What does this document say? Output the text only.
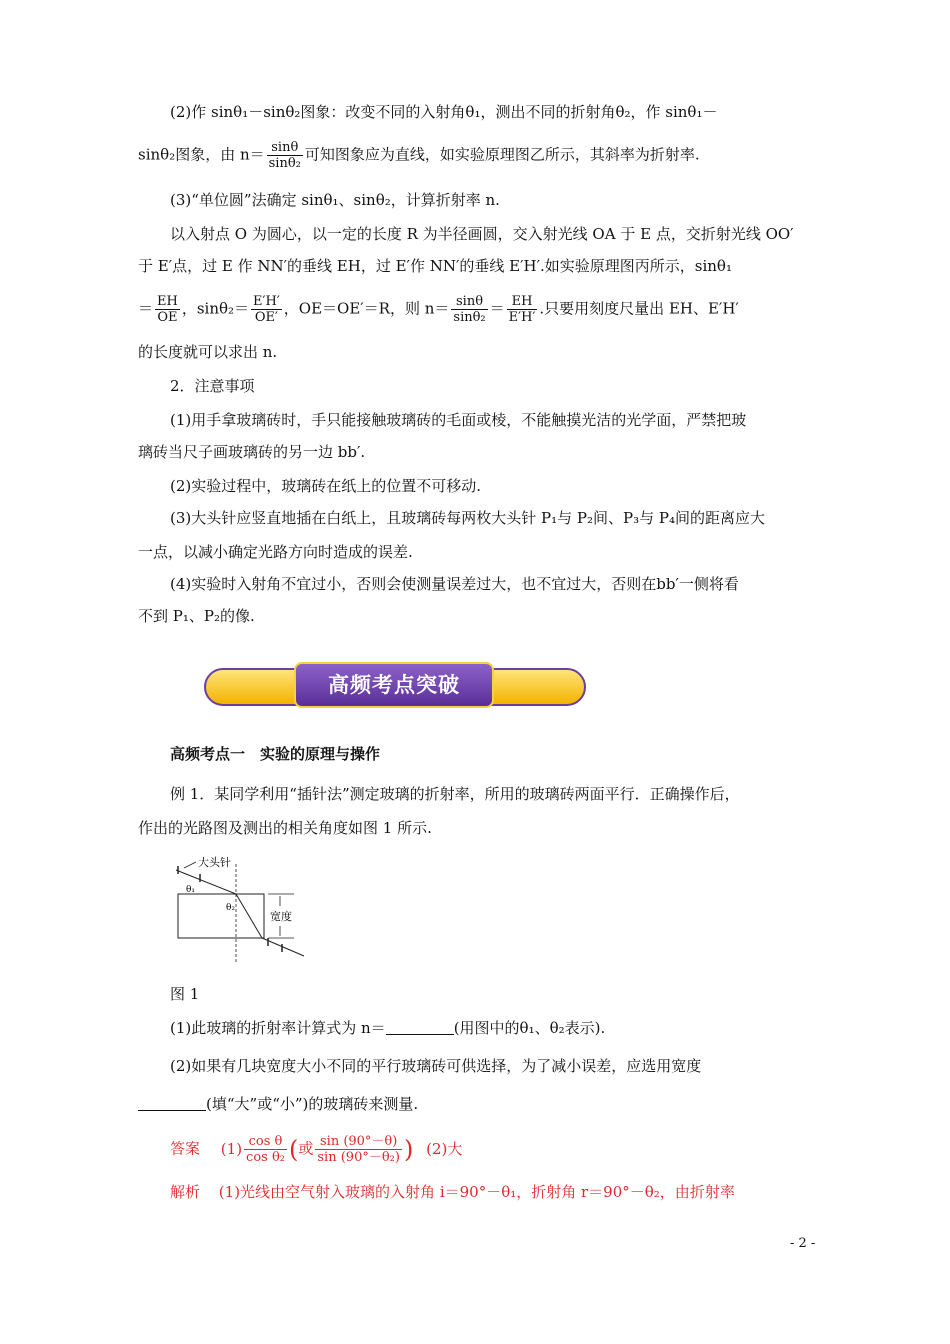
(2)作 sinθ₁－sinθ₂图象：改变不同的入射角θ₁，测出不同的折射角θ₂，作 sinθ₁－
sinθ₂图象，由 $n= \frac{\sin\theta}{\text{sinθ₂}}$ 可知图象应为直线，如实验原理图乙所示，其斜率为折射率.
(3)“单位圆”法确定 sinθ₁、sinθ₂，计算折射率 n.
以入射点 O 为圆心，以一定的长度 R 为半径画圆，交入射光线 OA 于 E 点，交折射光线 OO′
于 E′点，过 E 作 NN′的垂线 EH，过 E′作 NN′的垂线 E′H′.如实验原理图丙所示，sinθ₁
＝ $\frac{EH}{OE}$ ，$\sin\theta_2= \frac{E'H'}{OE'}$ ，OE＝OE′＝R，则 $n= \frac{\sin\theta}{\text{sinθ₂}} = \frac{EH}{E'H'}$ .只要用刻度尺量出 EH、E′H′
的长度就可以求出 n.
2．注意事项
(1)用手拿玻璃砖时，手只能接触玻璃砖的毛面或棱，不能触摸光洁的光学面，严禁把玻
璃砖当尺子画玻璃砖的另一边 bb′.
(2)实验过程中，玻璃砖在纸上的位置不可移动.
(3)大头针应竖直地插在白纸上，且玻璃砖每两枚大头针 P₁与 P₂间、P₃与 P₄间的距离应大
一点，以减小确定光路方向时造成的误差.
(4)实验时入射角不宜过小，否则会使测量误差过大，也不宜过大，否则在bb′一侧将看
不到 P₁、P₂的像.
高频考点突破
高频考点一　实验的原理与操作
例 1．某同学利用“插针法”测定玻璃的折射率，所用的玻璃砖两面平行．正确操作后，
作出的光路图及测出的相关角度如图 1 所示.
大头针
θ₁
θ₂
宽度
图 1
(1)此玻璃的折射率计算式为 n＝	(用图中的θ₁、θ₂表示).
(2)如果有几块宽度大小不同的平行玻璃砖可供选择，为了减小误差，应选用宽度
(填“大”或“小”)的玻璃砖来测量.
答案 $(1) \frac{\text{cos θ}}{\text{cos θ₂}}$ (或 $\frac{\sin (90^\circ-\theta)}{\text{sin (90°－θ₂)}}$ ) (2)大
解析 (1)光线由空气射入玻璃的入射角 i＝90°－θ₁，折射角 r＝90°－θ₂，由折射率
- 2 -
